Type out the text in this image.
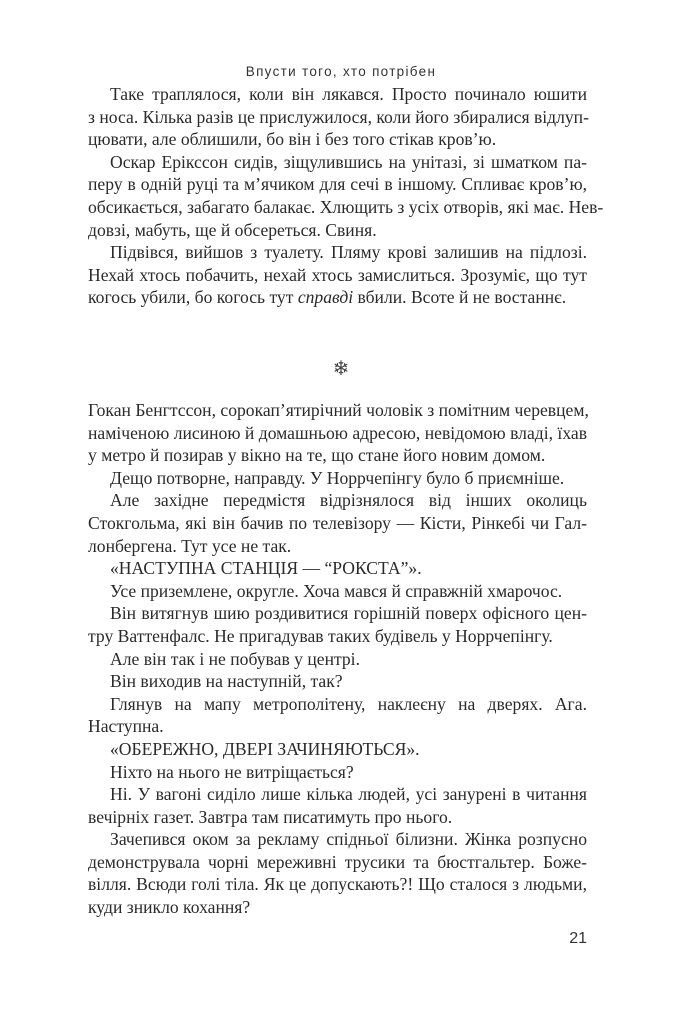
Впусти того, хто потрібен
Таке траплялося, коли він лякався. Просто починало юшити
з носа. Кілька разів це прислужилося, коли його збиралися відлуп-
цювати, але облишили, бо він і без того стікав кров’ю.
Оскар Ерікссон сидів, зіщулившись на унітазі, зі шматком па-
перу в одній руці та м’ячиком для сечі в іншому. Спливає кров’ю,
обсикається, забагато балакає. Хлющить з усіх отворів, які має. Нев-
довзі, мабуть, ще й обсереться. Свиня.
Підвівся, вийшов з туалету. Пляму крові залишив на підлозі.
Нехай хтось побачить, нехай хтось замислиться. Зрозуміє, що тут
когось убили, бо когось тут справді вбили. Всоте й не востаннє.
❄
Гокан Бенгтссон, сорокап’ятирічний чоловік з помітним черевцем,
наміченою лисиною й домашньою адресою, невідомою владі, їхав
у метро й позирав у вікно на те, що стане його новим домом.
Дещо потворне, направду. У Норрчепінгу було б приємніше.
Але західне передмістя відрізнялося від інших околиць
Стокгольма, які він бачив по телевізору — Кісти, Рінкебі чи Гал-
лонбергена. Тут усе не так.
«НАСТУПНА СТАНЦІЯ — “РОКСТА”».
Усе приземлене, округле. Хоча мався й справжній хмарочос.
Він витягнув шию роздивитися горішній поверх офісного цен-
тру Ваттенфалс. Не пригадував таких будівель у Норрчепінгу.
Але він так і не побував у центрі.
Він виходив на наступній, так?
Глянув на мапу метрополітену, наклеєну на дверях. Ага.
Наступна.
«ОБЕРЕЖНО, ДВЕРІ ЗАЧИНЯЮТЬСЯ».
Ніхто на нього не витріщається?
Ні. У вагоні сиділо лише кілька людей, усі занурені в читання
вечірніх газет. Завтра там писатимуть про нього.
Зачепився оком за рекламу спідньої білизни. Жінка розпусно
демонструвала чорні мереживні трусики та бюстгальтер. Боже-
вілля. Всюди голі тіла. Як це допускають?! Що сталося з людьми,
куди зникло кохання?
21
